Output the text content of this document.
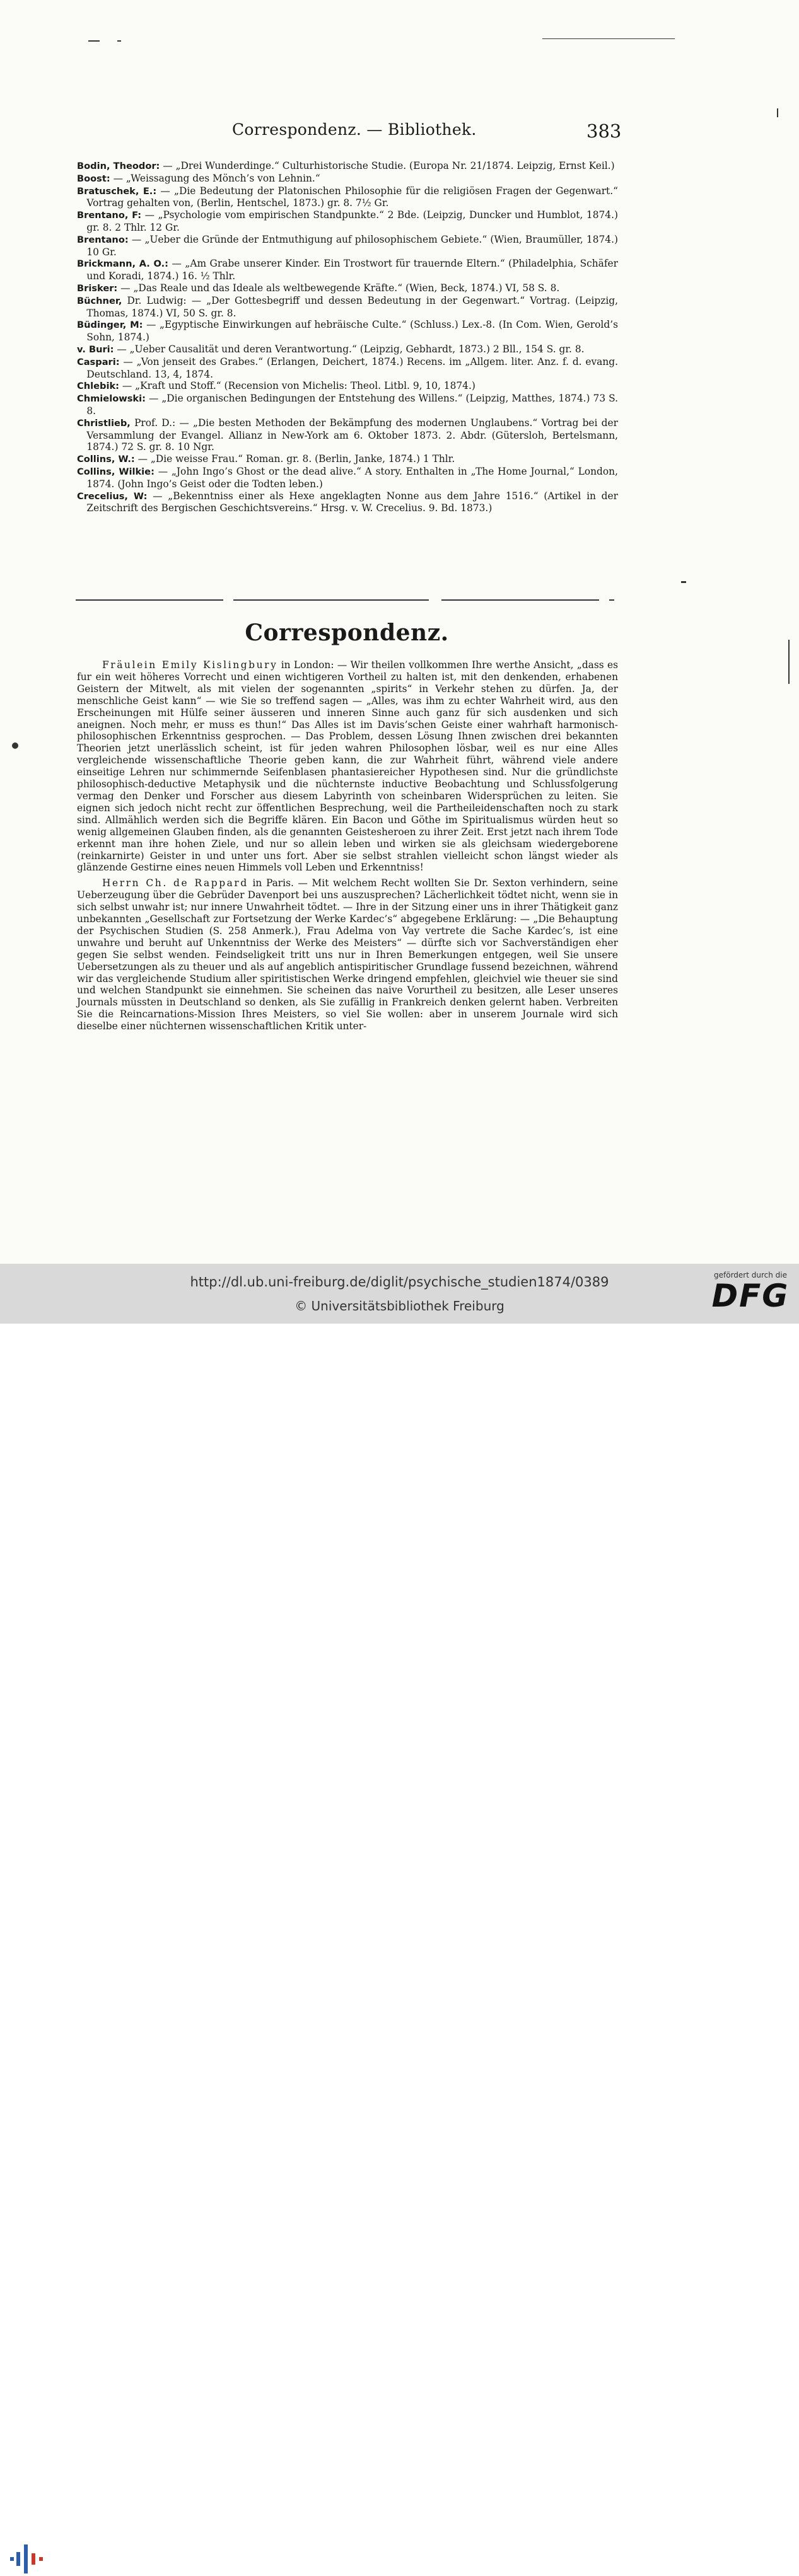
Correspondenz. — Bibliothek.	383
Bodin, Theodor: — „Drei Wunderdinge.“ Culturhistorische Studie. (Europa Nr. 21/1874. Leipzig, Ernst Keil.)
Boost: — „Weissagung des Mönch’s von Lehnin.“
Bratuschek, E.: — „Die Bedeutung der Platonischen Philosophie für die religiösen Fragen der Gegenwart.“ Vortrag gehalten von, (Berlin, Hentschel, 1873.) gr. 8. 7½ Gr.
Brentano, F: — „Psychologie vom empirischen Standpunkte.“ 2 Bde. (Leipzig, Duncker und Humblot, 1874.) gr. 8. 2 Thlr. 12 Gr.
Brentano: — „Ueber die Gründe der Entmuthigung auf philosophischem Gebiete.“ (Wien, Braumüller, 1874.) 10 Gr.
Brickmann, A. O.: — „Am Grabe unserer Kinder. Ein Trostwort für trauernde Eltern.“ (Philadelphia, Schäfer und Koradi, 1874.) 16. ½ Thlr.
Brisker: — „Das Reale und das Ideale als weltbewegende Kräfte.“ (Wien, Beck, 1874.) VI, 58 S. 8.
Büchner, Dr. Ludwig: — „Der Gottesbegriff und dessen Bedeutung in der Gegenwart.“ Vortrag. (Leipzig, Thomas, 1874.) VI, 50 S. gr. 8.
Büdinger, M: — „Egyptische Einwirkungen auf hebräische Culte.“ (Schluss.) Lex.-8. (In Com. Wien, Gerold’s Sohn, 1874.)
v. Buri: — „Ueber Causalität und deren Verantwortung.“ (Leipzig, Gebhardt, 1873.) 2 Bll., 154 S. gr. 8.
Caspari: — „Von jenseit des Grabes.“ (Erlangen, Deichert, 1874.) Recens. im „Allgem. liter. Anz. f. d. evang. Deutschland. 13, 4, 1874.
Chlebik: — „Kraft und Stoff.“ (Recension von Michelis: Theol. Litbl. 9, 10, 1874.)
Chmielowski: — „Die organischen Bedingungen der Entstehung des Willens.“ (Leipzig, Matthes, 1874.) 73 S. 8.
Christlieb, Prof. D.: — „Die besten Methoden der Bekämpfung des modernen Unglaubens.“ Vortrag bei der Versammlung der Evangel. Allianz in New-York am 6. Oktober 1873. 2. Abdr. (Gütersloh, Bertelsmann, 1874.) 72 S. gr. 8. 10 Ngr.
Collins, W.: — „Die weisse Frau.“ Roman. gr. 8. (Berlin, Janke, 1874.) 1 Thlr.
Collins, Wilkie: — „John Ingo’s Ghost or the dead alive.“ A story. Enthalten in „The Home Journal,“ London, 1874. (John Ingo’s Geist oder die Todten leben.)
Crecelius, W: — „Bekenntniss einer als Hexe angeklagten Nonne aus dem Jahre 1516.“ (Artikel in der Zeitschrift des Bergischen Geschichtsvereins.“ Hrsg. v. W. Crecelius. 9. Bd. 1873.)
Correspondenz.

Fräulein Emily Kislingbury in London: — Wir theilen vollkommen Ihre werthe Ansicht, „dass es fur ein weit höheres Vorrecht und einen wichtigeren Vortheil zu halten ist, mit den denkenden, erhabenen Geistern der Mitwelt, als mit vielen der sogenannten „spirits“ in Verkehr stehen zu dürfen. Ja, der menschliche Geist kann“ — wie Sie so treffend sagen — „Alles, was ihm zu echter Wahrheit wird, aus den Erscheinungen mit Hülfe seiner äusseren und inneren Sinne auch ganz für sich ausdenken und sich aneignen. Noch mehr, er muss es thun!“ Das Alles ist im Davis’schen Geiste einer wahrhaft harmonisch-philosophischen Erkenntniss gesprochen. — Das Problem, dessen Lösung Ihnen zwischen drei bekannten Theorien jetzt unerlässlich scheint, ist für jeden wahren Philosophen lösbar, weil es nur eine Alles vergleichende wissenschaftliche Theorie geben kann, die zur Wahrheit führt, während viele andere einseitige Lehren nur schimmernde Seifenblasen phantasiereicher Hypothesen sind. Nur die gründlichste philosophisch-deductive Metaphysik und die nüchternste inductive Beobachtung und Schlussfolgerung vermag den Denker und Forscher aus diesem Labyrinth von scheinbaren Widersprüchen zu leiten. Sie eignen sich jedoch nicht recht zur öffentlichen Besprechung, weil die Partheileidenschaften noch zu stark sind. Allmählich werden sich die Begriffe klären. Ein Bacon und Göthe im Spiritualismus würden heut so wenig allgemeinen Glauben finden, als die genannten Geistesheroen zu ihrer Zeit. Erst jetzt nach ihrem Tode erkennt man ihre hohen Ziele, und nur so allein leben und wirken sie als gleichsam wiedergeborene (reinkarnirte) Geister in und unter uns fort. Aber sie selbst strahlen vielleicht schon längst wieder als glänzende Gestirne eines neuen Himmels voll Leben und Erkenntniss!

Herrn Ch. de Rappard in Paris. — Mit welchem Recht wollten Sie Dr. Sexton verhindern, seine Ueberzeugung über die Gebrüder Davenport bei uns auszusprechen? Lächerlichkeit tödtet nicht, wenn sie in sich selbst unwahr ist; nur innere Unwahrheit tödtet. — Ihre in der Sitzung einer uns in ihrer Thätigkeit ganz unbekannten „Gesellschaft zur Fortsetzung der Werke Kardec’s“ abgegebene Erklärung: — „Die Behauptung der Psychischen Studien (S. 258 Anmerk.), Frau Adelma von Vay vertrete die Sache Kardec’s, ist eine unwahre und beruht auf Unkenntniss der Werke des Meisters“ — dürfte sich vor Sachverständigen eher gegen Sie selbst wenden. Feindseligkeit tritt uns nur in Ihren Bemerkungen entgegen, weil Sie unsere Uebersetzungen als zu theuer und als auf angeblich antispiritischer Grundlage fussend bezeichnen, während wir das vergleichende Studium aller spiritistischen Werke dringend empfehlen, gleichviel wie theuer sie sind und welchen Standpunkt sie einnehmen. Sie scheinen das naive Vorurtheil zu besitzen, alle Leser unseres Journals müssten in Deutschland so denken, als Sie zufällig in Frankreich denken gelernt haben. Verbreiten Sie die Reincarnations-Mission Ihres Meisters, so viel Sie wollen: aber in unserem Journale wird sich dieselbe einer nüchternen wissenschaftlichen Kritik unter-

http://dl.ub.uni-freiburg.de/diglit/psychische_studien1874/0389
© Universitätsbibliothek Freiburg
gefördert durch die
DFG
